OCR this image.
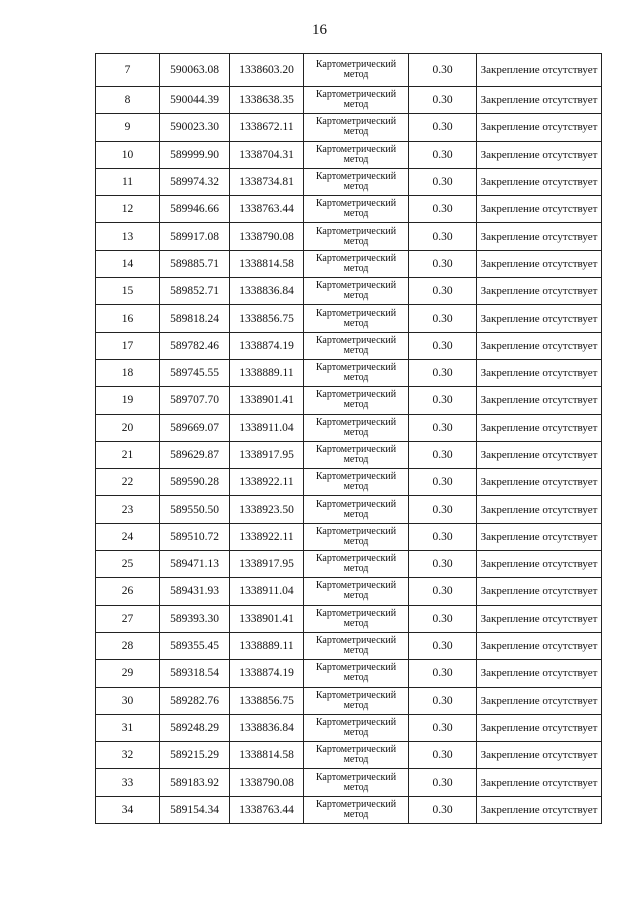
16
7	590063.08	1338603.20	Картометрический метод	0.30	Закрепление отсутствует
8	590044.39	1338638.35	Картометрический метод	0.30	Закрепление отсутствует
9	590023.30	1338672.11	Картометрический метод	0.30	Закрепление отсутствует
10	589999.90	1338704.31	Картометрический метод	0.30	Закрепление отсутствует
11	589974.32	1338734.81	Картометрический метод	0.30	Закрепление отсутствует
12	589946.66	1338763.44	Картометрический метод	0.30	Закрепление отсутствует
13	589917.08	1338790.08	Картометрический метод	0.30	Закрепление отсутствует
14	589885.71	1338814.58	Картометрический метод	0.30	Закрепление отсутствует
15	589852.71	1338836.84	Картометрический метод	0.30	Закрепление отсутствует
16	589818.24	1338856.75	Картометрический метод	0.30	Закрепление отсутствует
17	589782.46	1338874.19	Картометрический метод	0.30	Закрепление отсутствует
18	589745.55	1338889.11	Картометрический метод	0.30	Закрепление отсутствует
19	589707.70	1338901.41	Картометрический метод	0.30	Закрепление отсутствует
20	589669.07	1338911.04	Картометрический метод	0.30	Закрепление отсутствует
21	589629.87	1338917.95	Картометрический метод	0.30	Закрепление отсутствует
22	589590.28	1338922.11	Картометрический метод	0.30	Закрепление отсутствует
23	589550.50	1338923.50	Картометрический метод	0.30	Закрепление отсутствует
24	589510.72	1338922.11	Картометрический метод	0.30	Закрепление отсутствует
25	589471.13	1338917.95	Картометрический метод	0.30	Закрепление отсутствует
26	589431.93	1338911.04	Картометрический метод	0.30	Закрепление отсутствует
27	589393.30	1338901.41	Картометрический метод	0.30	Закрепление отсутствует
28	589355.45	1338889.11	Картометрический метод	0.30	Закрепление отсутствует
29	589318.54	1338874.19	Картометрический метод	0.30	Закрепление отсутствует
30	589282.76	1338856.75	Картометрический метод	0.30	Закрепление отсутствует
31	589248.29	1338836.84	Картометрический метод	0.30	Закрепление отсутствует
32	589215.29	1338814.58	Картометрический метод	0.30	Закрепление отсутствует
33	589183.92	1338790.08	Картометрический метод	0.30	Закрепление отсутствует
34	589154.34	1338763.44	Картометрический метод	0.30	Закрепление отсутствует
